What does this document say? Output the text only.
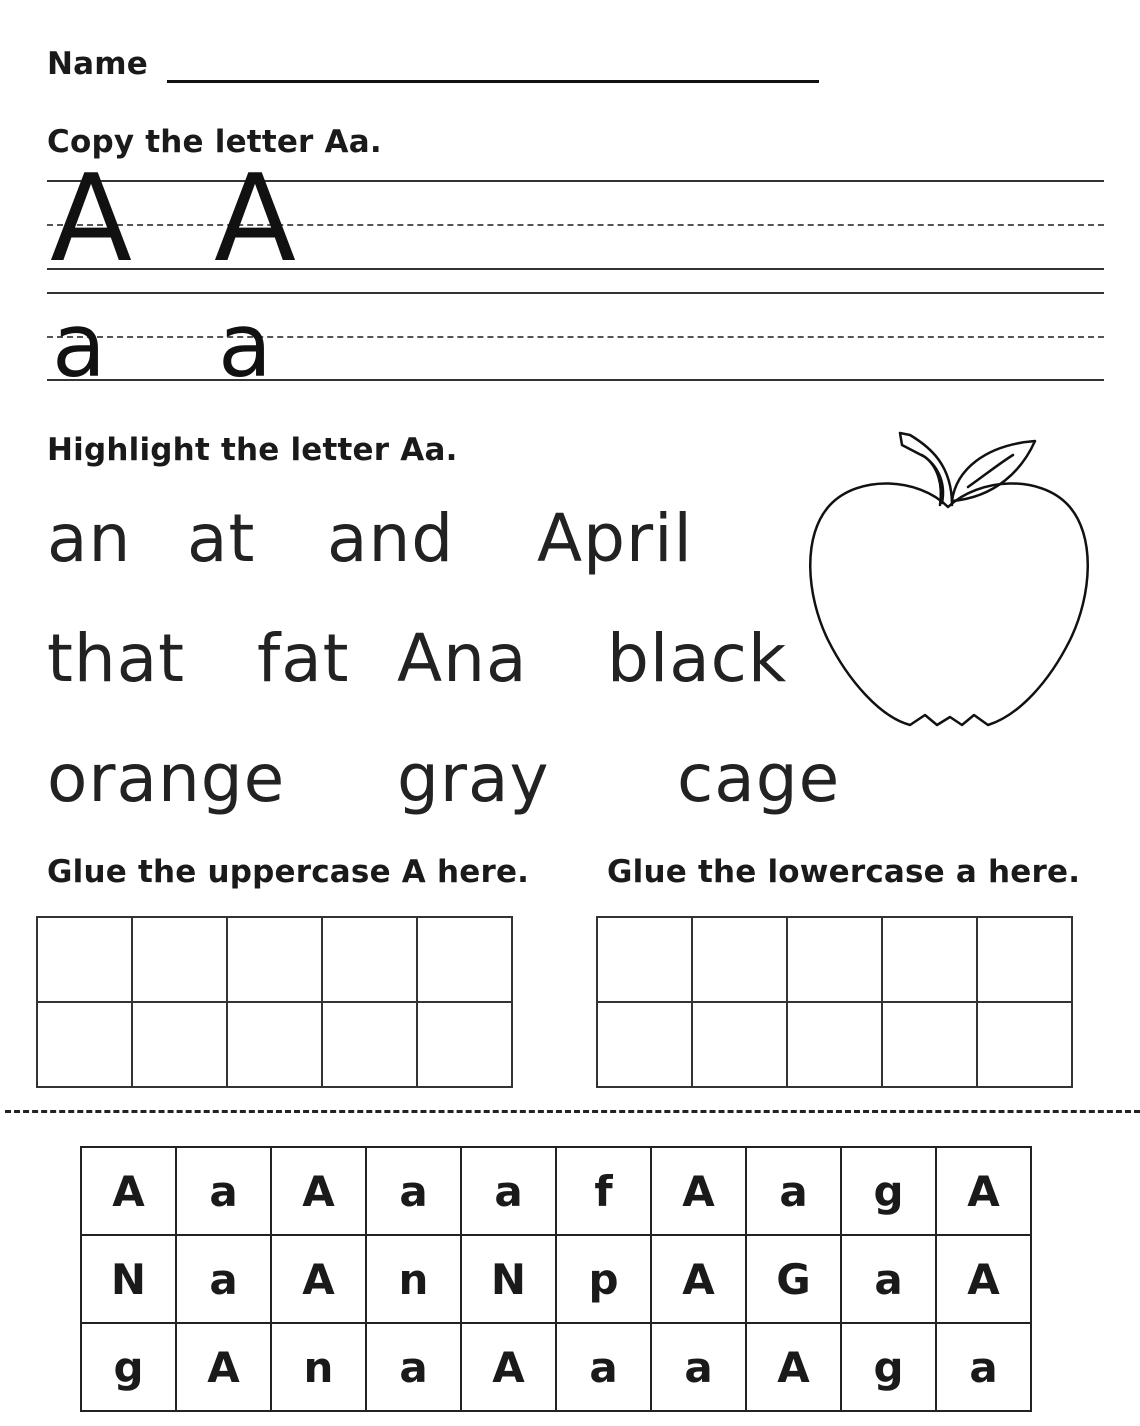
Name
Copy the letter Aa.
A A
a a
Highlight the letter Aa.
an at and April
that fat Ana black
orange gray cage
Glue the uppercase A here.	Glue the lowercase a here.

A	a	A	a	a	f	A	a	g	A
N	a	A	n	N	p	A	G	a	A
g	A	n	a	A	a	a	A	g	a
